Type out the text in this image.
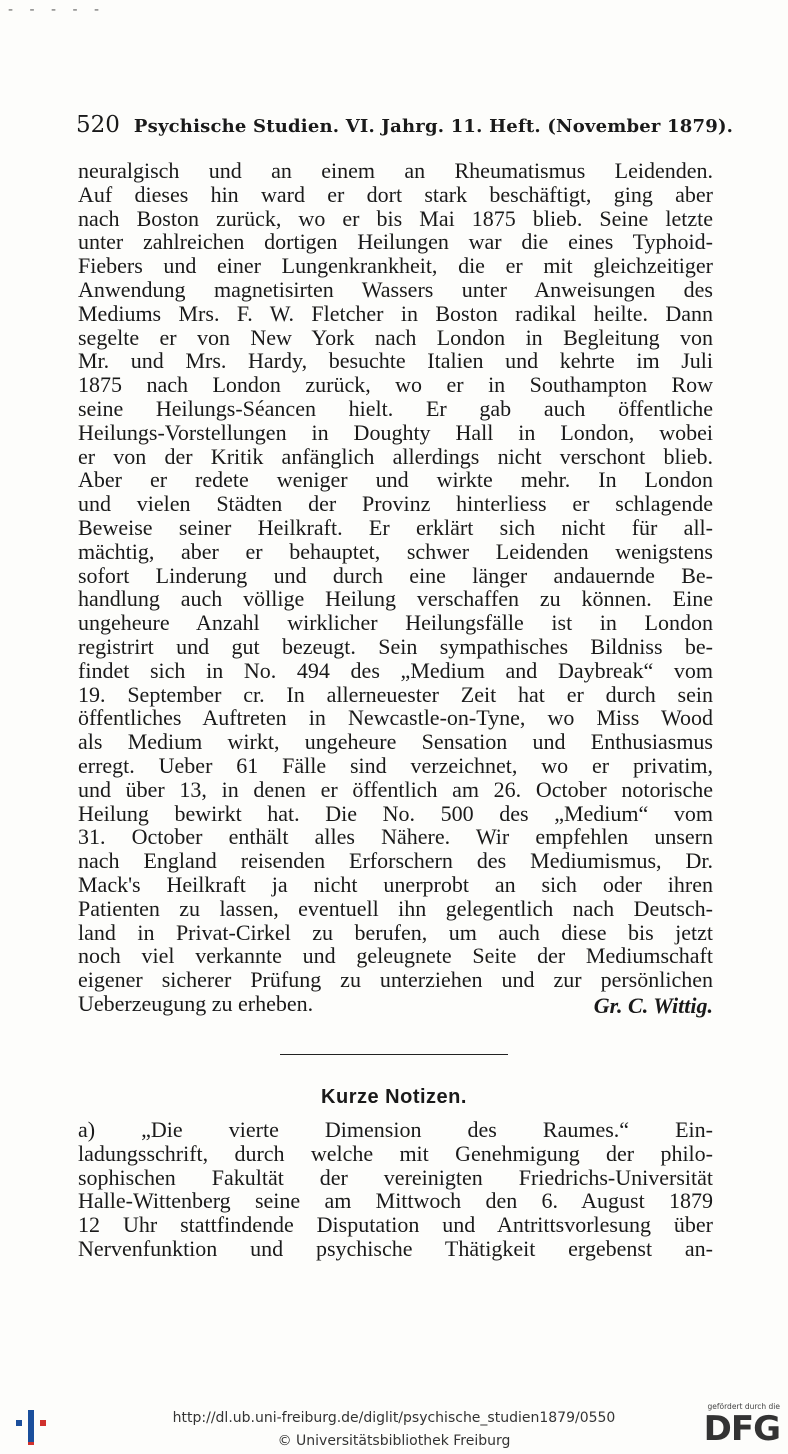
‐ ‐ ‐ ‐ ‐
520 Psychische Studien. VI. Jahrg. 11. Heft. (November 1879).
neuralgisch und an einem an Rheumatismus Leidenden.
Auf dieses hin ward er dort stark beschäftigt, ging aber
nach Boston zurück, wo er bis Mai 1875 blieb. Seine letzte
unter zahlreichen dortigen Heilungen war die eines Typhoid-
Fiebers und einer Lungenkrankheit, die er mit gleichzeitiger
Anwendung magnetisirten Wassers unter Anweisungen des
Mediums Mrs. F. W. Fletcher in Boston radikal heilte. Dann
segelte er von New York nach London in Begleitung von
Mr. und Mrs. Hardy, besuchte Italien und kehrte im Juli
1875 nach London zurück, wo er in Southampton Row
seine Heilungs-Séancen hielt. Er gab auch öffentliche
Heilungs-Vorstellungen in Doughty Hall in London, wobei
er von der Kritik anfänglich allerdings nicht verschont blieb.
Aber er redete weniger und wirkte mehr. In London
und vielen Städten der Provinz hinterliess er schlagende
Beweise seiner Heilkraft. Er erklärt sich nicht für all-
mächtig, aber er behauptet, schwer Leidenden wenigstens
sofort Linderung und durch eine länger andauernde Be-
handlung auch völlige Heilung verschaffen zu können. Eine
ungeheure Anzahl wirklicher Heilungsfälle ist in London
registrirt und gut bezeugt. Sein sympathisches Bildniss be-
findet sich in No. 494 des „Medium and Daybreak“ vom
19. September cr. In allerneuester Zeit hat er durch sein
öffentliches Auftreten in Newcastle-on-Tyne, wo Miss Wood
als Medium wirkt, ungeheure Sensation und Enthusiasmus
erregt. Ueber 61 Fälle sind verzeichnet, wo er privatim,
und über 13, in denen er öffentlich am 26. October notorische
Heilung bewirkt hat. Die No. 500 des „Medium“ vom
31. October enthält alles Nähere. Wir empfehlen unsern
nach England reisenden Erforschern des Mediumismus, Dr.
Mack's Heilkraft ja nicht unerprobt an sich oder ihren
Patienten zu lassen, eventuell ihn gelegentlich nach Deutsch-
land in Privat-Cirkel zu berufen, um auch diese bis jetzt
noch viel verkannte und geleugnete Seite der Mediumschaft
eigener sicherer Prüfung zu unterziehen und zur persönlichen
Ueberzeugung zu erheben.	Gr. C. Wittig.
Kurze Notizen.
a) „Die vierte Dimension des Raumes.“ Ein-
ladungsschrift, durch welche mit Genehmigung der philo-
sophischen Fakultät der vereinigten Friedrichs-Universität
Halle-Wittenberg seine am Mittwoch den 6. August 1879
12 Uhr stattfindende Disputation und Antrittsvorlesung über
Nervenfunktion und psychische Thätigkeit ergebenst an-
http://dl.ub.uni-freiburg.de/diglit/psychische_studien1879/0550
© Universitätsbibliothek Freiburg
gefördert durch die
DFG
